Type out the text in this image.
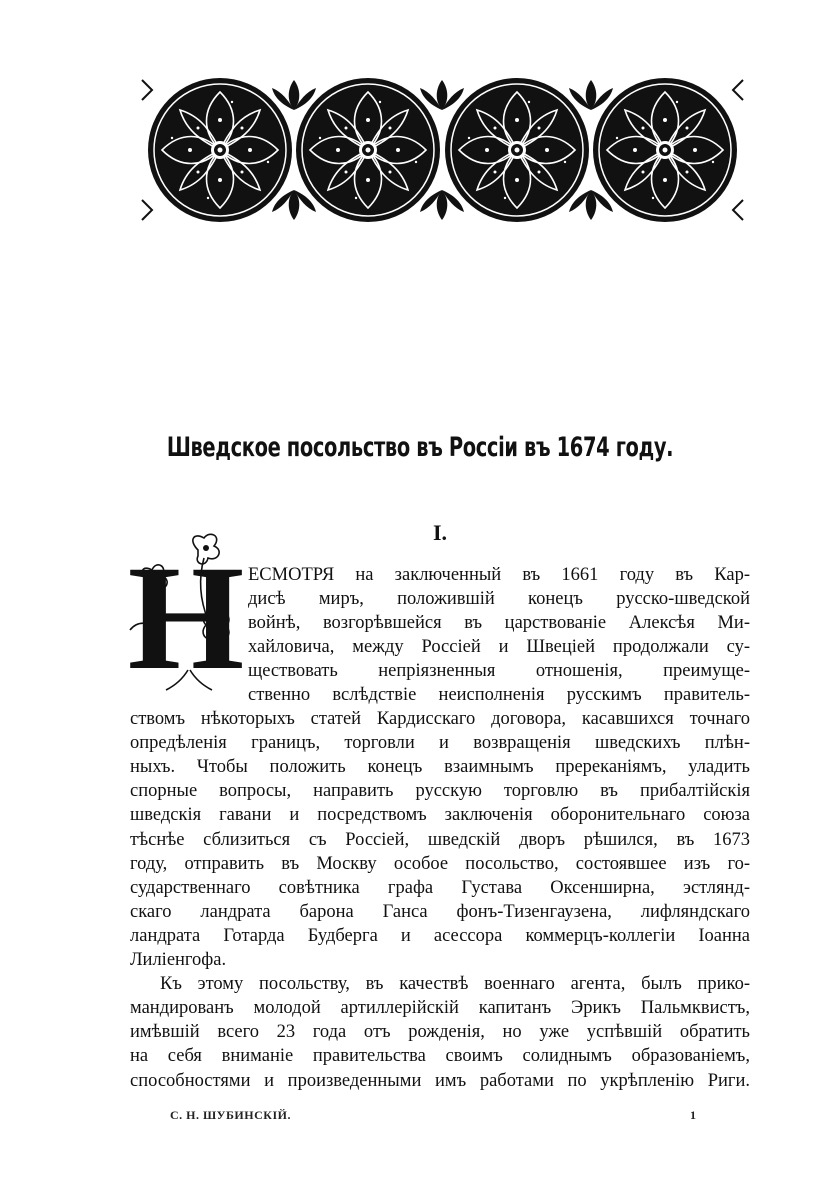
Шведское посольство въ Россіи въ 1674 году.
I.
Н ЕСМОТРЯ на заключенный въ 1661 году въ Кар-
дисѣ миръ, положившій конецъ русско-шведской
войнѣ, возгорѣвшейся въ царствованіе Алексѣя Ми-
хайловича, между Россіей и Швеціей продолжали су-
ществовать непріязненныя отношенія, преимуще-
ственно вслѣдствіе неисполненія русскимъ правитель-
ствомъ нѣкоторыхъ статей Кардисскаго договора, касавшихся точнаго
опредѣленія границъ, торговли и возвращенія шведскихъ плѣн-
ныхъ. Чтобы положить конецъ взаимнымъ пререканіямъ, уладить
спорные вопросы, направить русскую торговлю въ прибалтійскія
шведскія гавани и посредствомъ заключенія оборонительнаго союза
тѣснѣе сблизиться съ Россіей, шведскій дворъ рѣшился, въ 1673
году, отправить въ Москву особое посольство, состоявшее изъ го-
сударственнаго совѣтника графа Густава Оксенширна, эстлянд-
скаго ландрата барона Ганса фонъ-Тизенгаузена, лифляндскаго
ландрата Готарда Будберга и асессора коммерцъ-коллегіи Іоанна
Лиліенгофа.
Къ этому посольству, въ качествѣ военнаго агента, былъ прико-
мандированъ молодой артиллерійскій капитанъ Эрикъ Пальмквистъ,
имѣвшій всего 23 года отъ рожденія, но уже успѣвшій обратить
на себя вниманіе правительства своимъ солиднымъ образованіемъ,
способностями и произведенными имъ работами по укрѣпленію Риги.
С. Н. ШУБИНСКІЙ.	1
